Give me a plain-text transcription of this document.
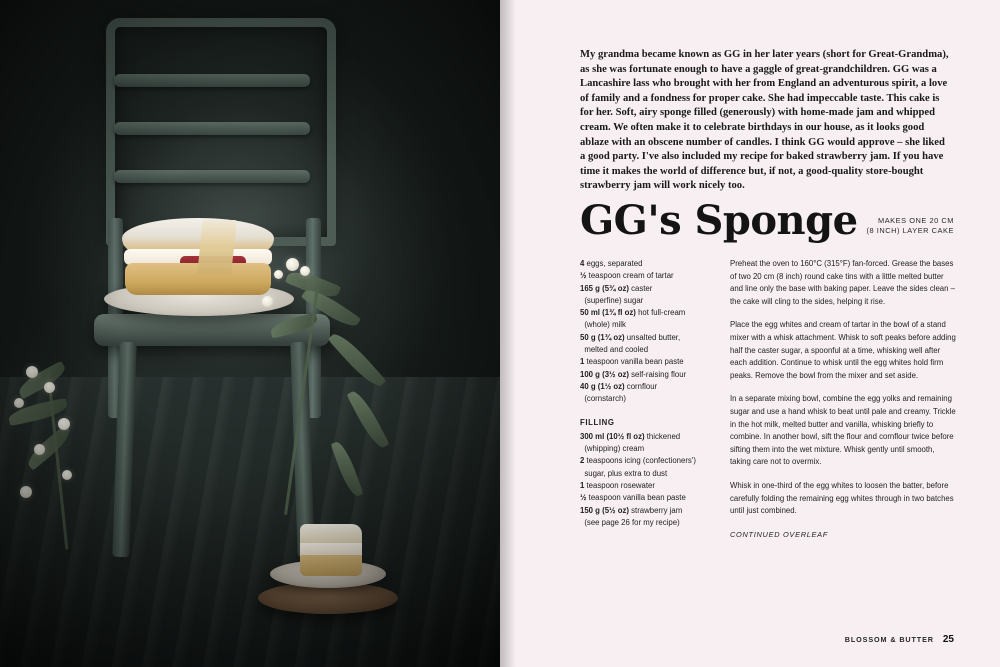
My grandma became known as GG in her later years (short for Great-Grandma), as she was fortunate enough to have a gaggle of great-grandchildren. GG was a Lancashire lass who brought with her from England an adventurous spirit, a love of family and a fondness for proper cake. She had impeccable taste. This cake is for her. Soft, airy sponge filled (generously) with home-made jam and whipped cream. We often make it to celebrate birthdays in our house, as it looks good ablaze with an obscene number of candles. I think GG would approve – she liked a good party. I've also included my recipe for baked strawberry jam. If you have time it makes the world of difference but, if not, a good-quality store-bought strawberry jam will work nicely too.
GG's Sponge	MAKES ONE 20 CM
(8 INCH) LAYER CAKE
4 eggs, separated
½ teaspoon cream of tartar
165 g (5¾ oz) caster
(superfine) sugar
50 ml (1¾ fl oz) hot full-cream
(whole) milk
50 g (1¾ oz) unsalted butter,
melted and cooled
1 teaspoon vanilla bean paste
100 g (3½ oz) self-raising flour
40 g (1½ oz) cornflour
(cornstarch)
FILLING
300 ml (10½ fl oz) thickened
(whipping) cream
2 teaspoons icing (confectioners')
sugar, plus extra to dust
1 teaspoon rosewater
½ teaspoon vanilla bean paste
150 g (5½ oz) strawberry jam
(see page 26 for my recipe)

Preheat the oven to 160°C (315°F) fan-forced. Grease the bases of two 20 cm (8 inch) round cake tins with a little melted butter and line only the base with baking paper. Leave the sides clean – the cake will cling to the sides, helping it rise.

Place the egg whites and cream of tartar in the bowl of a stand mixer with a whisk attachment. Whisk to soft peaks before adding half the caster sugar, a spoonful at a time, whisking well after each addition. Continue to whisk until the egg whites hold firm peaks. Remove the bowl from the mixer and set aside.

In a separate mixing bowl, combine the egg yolks and remaining sugar and use a hand whisk to beat until pale and creamy. Trickle in the hot milk, melted butter and vanilla, whisking briefly to combine. In another bowl, sift the flour and cornflour twice before sifting them into the wet mixture. Whisk gently until smooth, taking care not to overmix.

Whisk in one-third of the egg whites to loosen the batter, before carefully folding the remaining egg whites through in two batches until just combined.

CONTINUED OVERLEAF
BLOSSOM & BUTTER 25
